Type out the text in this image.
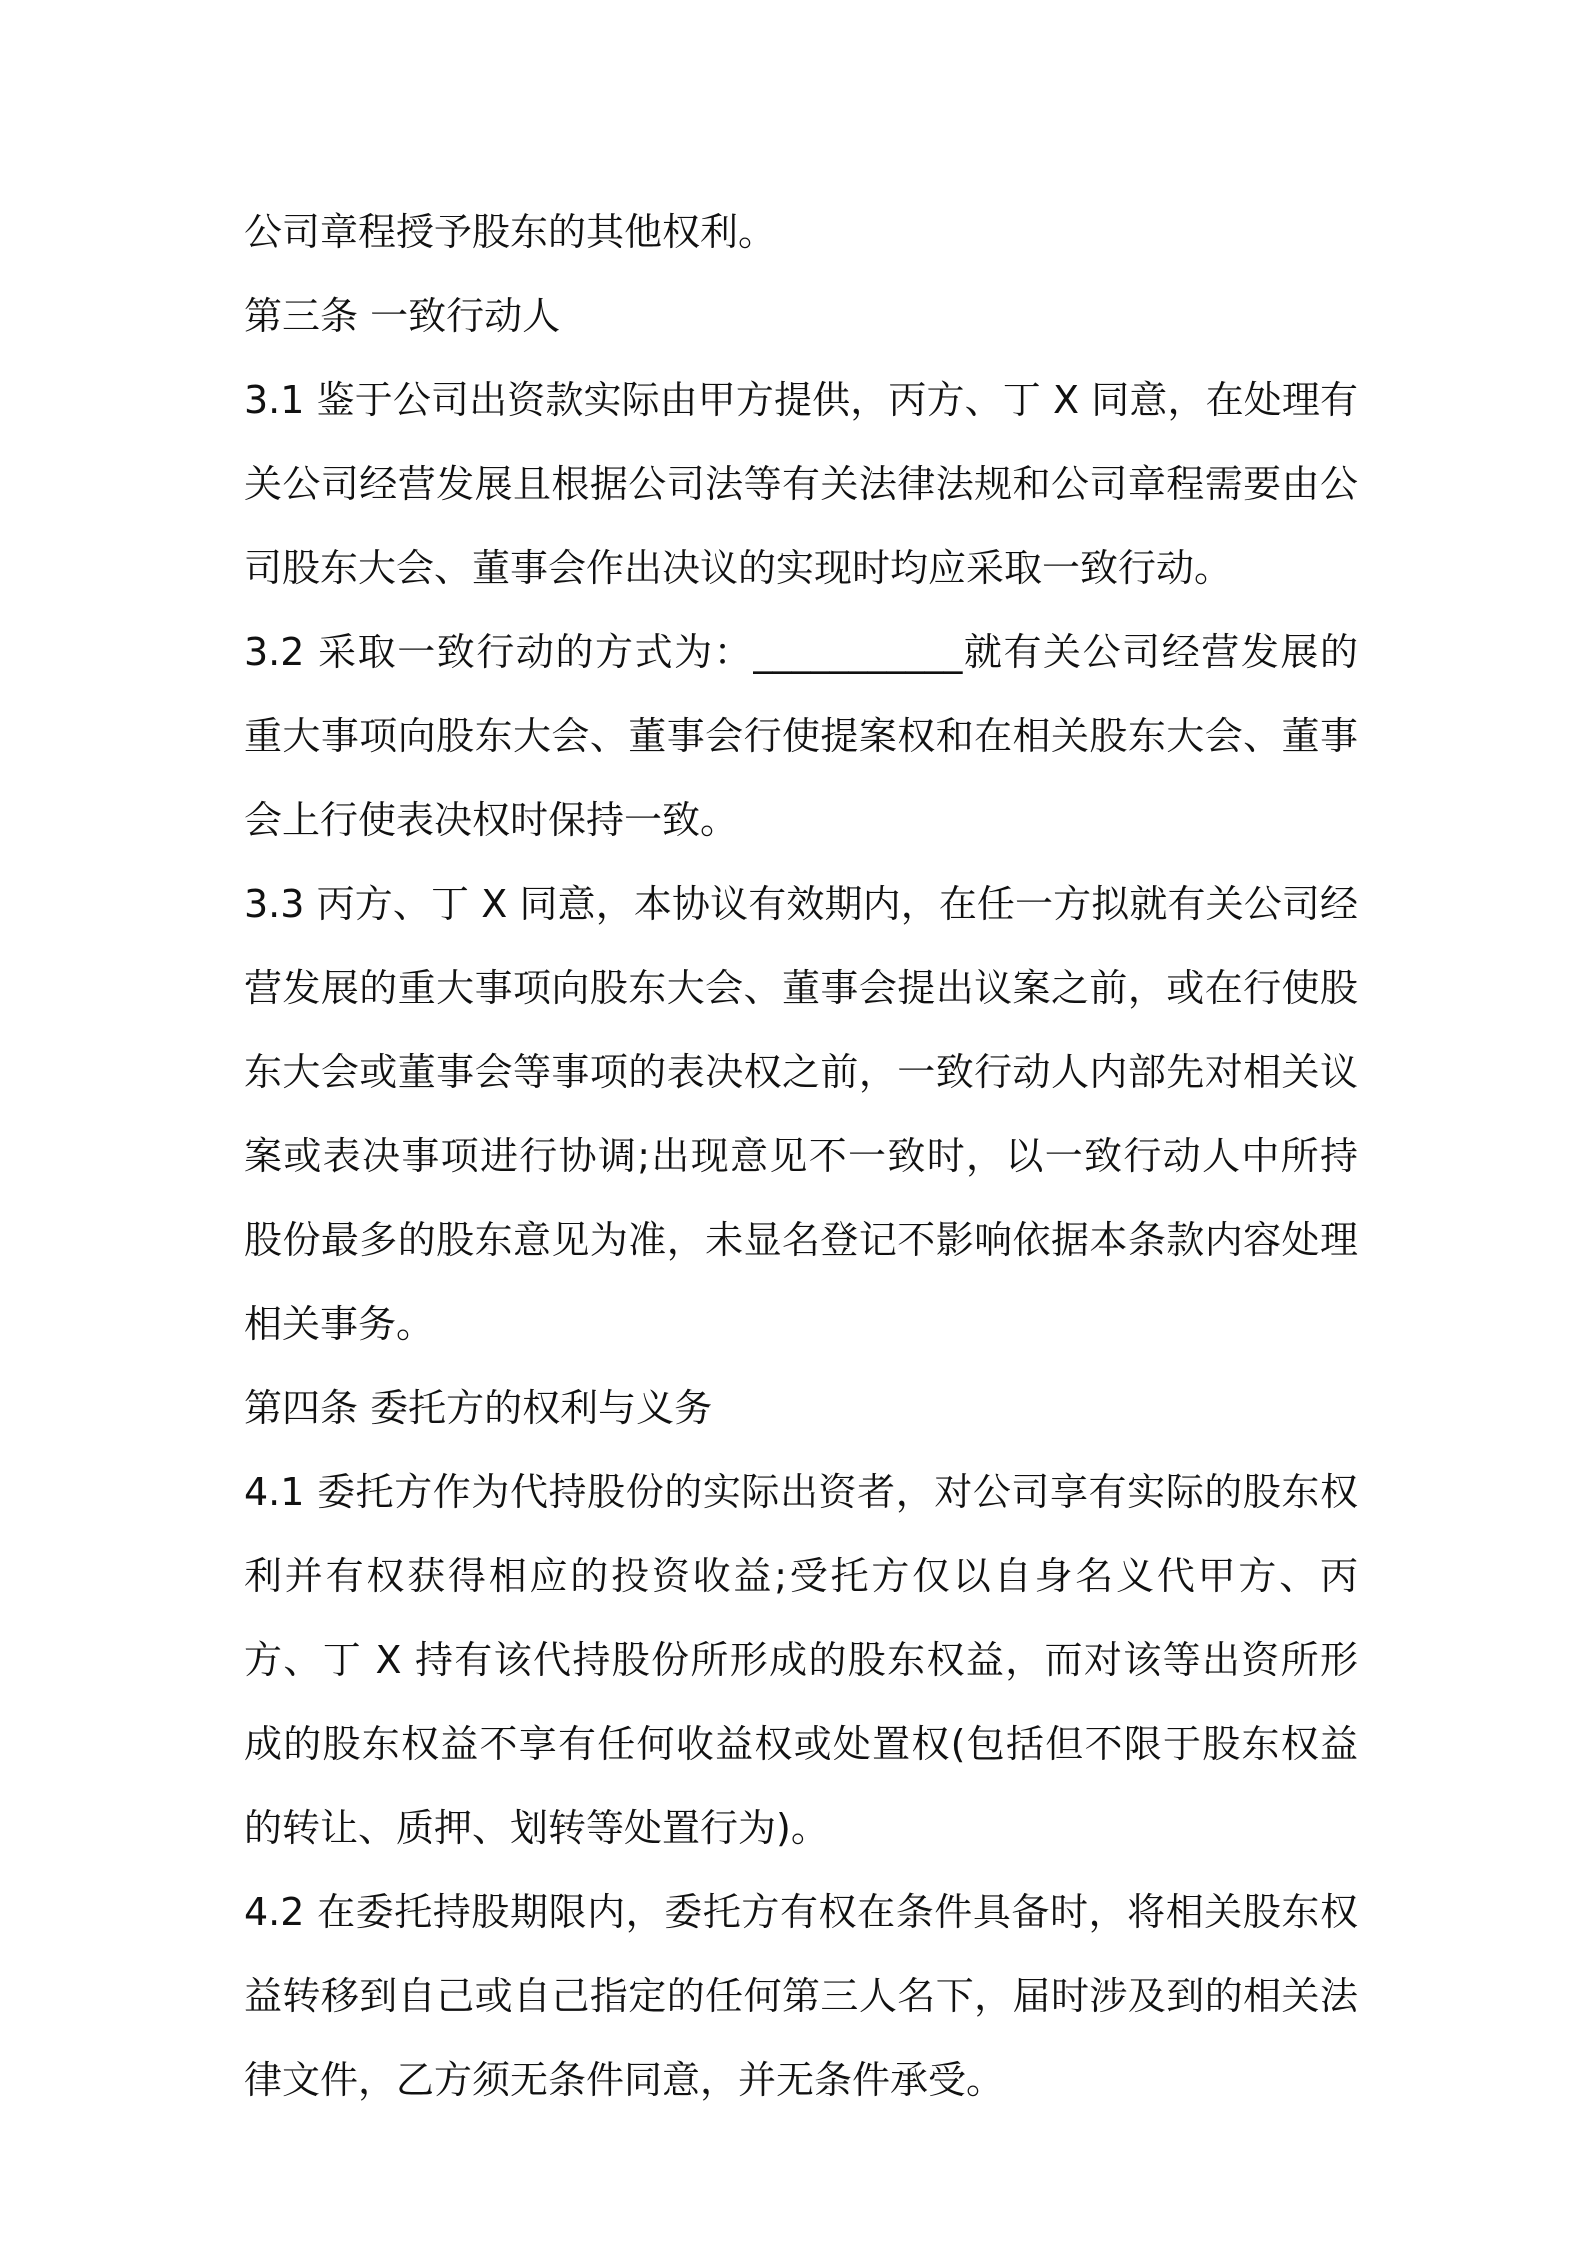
公司章程授予股东的其他权利。

第三条 一致行动人

3.1 鉴于公司出资款实际由甲方提供，丙方、丁 X 同意，在处理有关公司经营发展且根据公司法等有关法律法规和公司章程需要由公司股东大会、董事会作出决议的实现时均应采取一致行动。

3.2 采取一致行动的方式为：___________就有关公司经营发展的重大事项向股东大会、董事会行使提案权和在相关股东大会、董事会上行使表决权时保持一致。

3.3 丙方、丁 X 同意，本协议有效期内，在任一方拟就有关公司经营发展的重大事项向股东大会、董事会提出议案之前，或在行使股东大会或董事会等事项的表决权之前，一致行动人内部先对相关议案或表决事项进行协调;出现意见不一致时，以一致行动人中所持股份最多的股东意见为准，未显名登记不影响依据本条款内容处理相关事务。

第四条 委托方的权利与义务

4.1 委托方作为代持股份的实际出资者，对公司享有实际的股东权利并有权获得相应的投资收益;受托方仅以自身名义代甲方、丙方、丁 X 持有该代持股份所形成的股东权益，而对该等出资所形成的股东权益不享有任何收益权或处置权(包括但不限于股东权益的转让、质押、划转等处置行为)。

4.2 在委托持股期限内，委托方有权在条件具备时，将相关股东权益转移到自己或自己指定的任何第三人名下，届时涉及到的相关法律文件，乙方须无条件同意，并无条件承受。
